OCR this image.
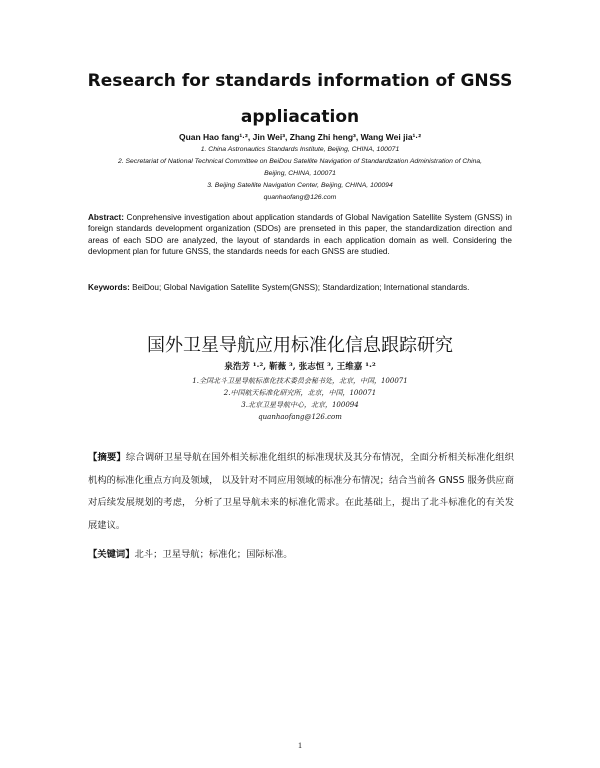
Research for standards information of GNSS
appliacation
Quan Hao fang¹·², Jin Wei³, Zhang Zhi heng³, Wang Wei jia¹·²
1. China Astronautics Standards Institute, Beijing, CHINA, 100071
2. Secretariat of National Technical Committee on BeiDou Satellite Navigation of Standardization Administration of China,
Beijing, CHINA, 100071
3. Beijing Satellite Navigation Center, Beijing, CHINA, 100094
quanhaofang@126.com
Abstract: Conprehensive investigation about application standards of Global Navigation Satellite System (GNSS) in foreign standards development organization (SDOs) are prenseted in this paper, the standardization direction and areas of each SDO are analyzed, the layout of standards in each application domain as well. Considering the devlopment plan for future GNSS, the standards needs for each GNSS are studied.
Keywords: BeiDou; Global Navigation Satellite System(GNSS); Standardization; International standards.
国外卫星导航应用标准化信息跟踪研究
泉浩芳 ¹·², 靳薇 ³, 张志恒 ³, 王维嘉 ¹·²
1.全国北斗卫星导航标准化技术委员会秘书处，北京，中国，100071
2.中国航天标准化研究所，北京，中国，100071
3.北京卫星导航中心，北京，100094
quanhaofang@126.com
【摘要】综合调研卫星导航在国外相关标准化组织的标准现状及其分布情况，全面分析相关标准化组织机构的标准化重点方向及领域， 以及针对不同应用领域的标准分布情况；结合当前各 GNSS 服务供应商对后续发展规划的考虑， 分析了卫星导航未来的标准化需求。在此基础上，提出了北斗标准化的有关发展建议。
【关键词】北斗；卫星导航；标准化；国际标准。
1
